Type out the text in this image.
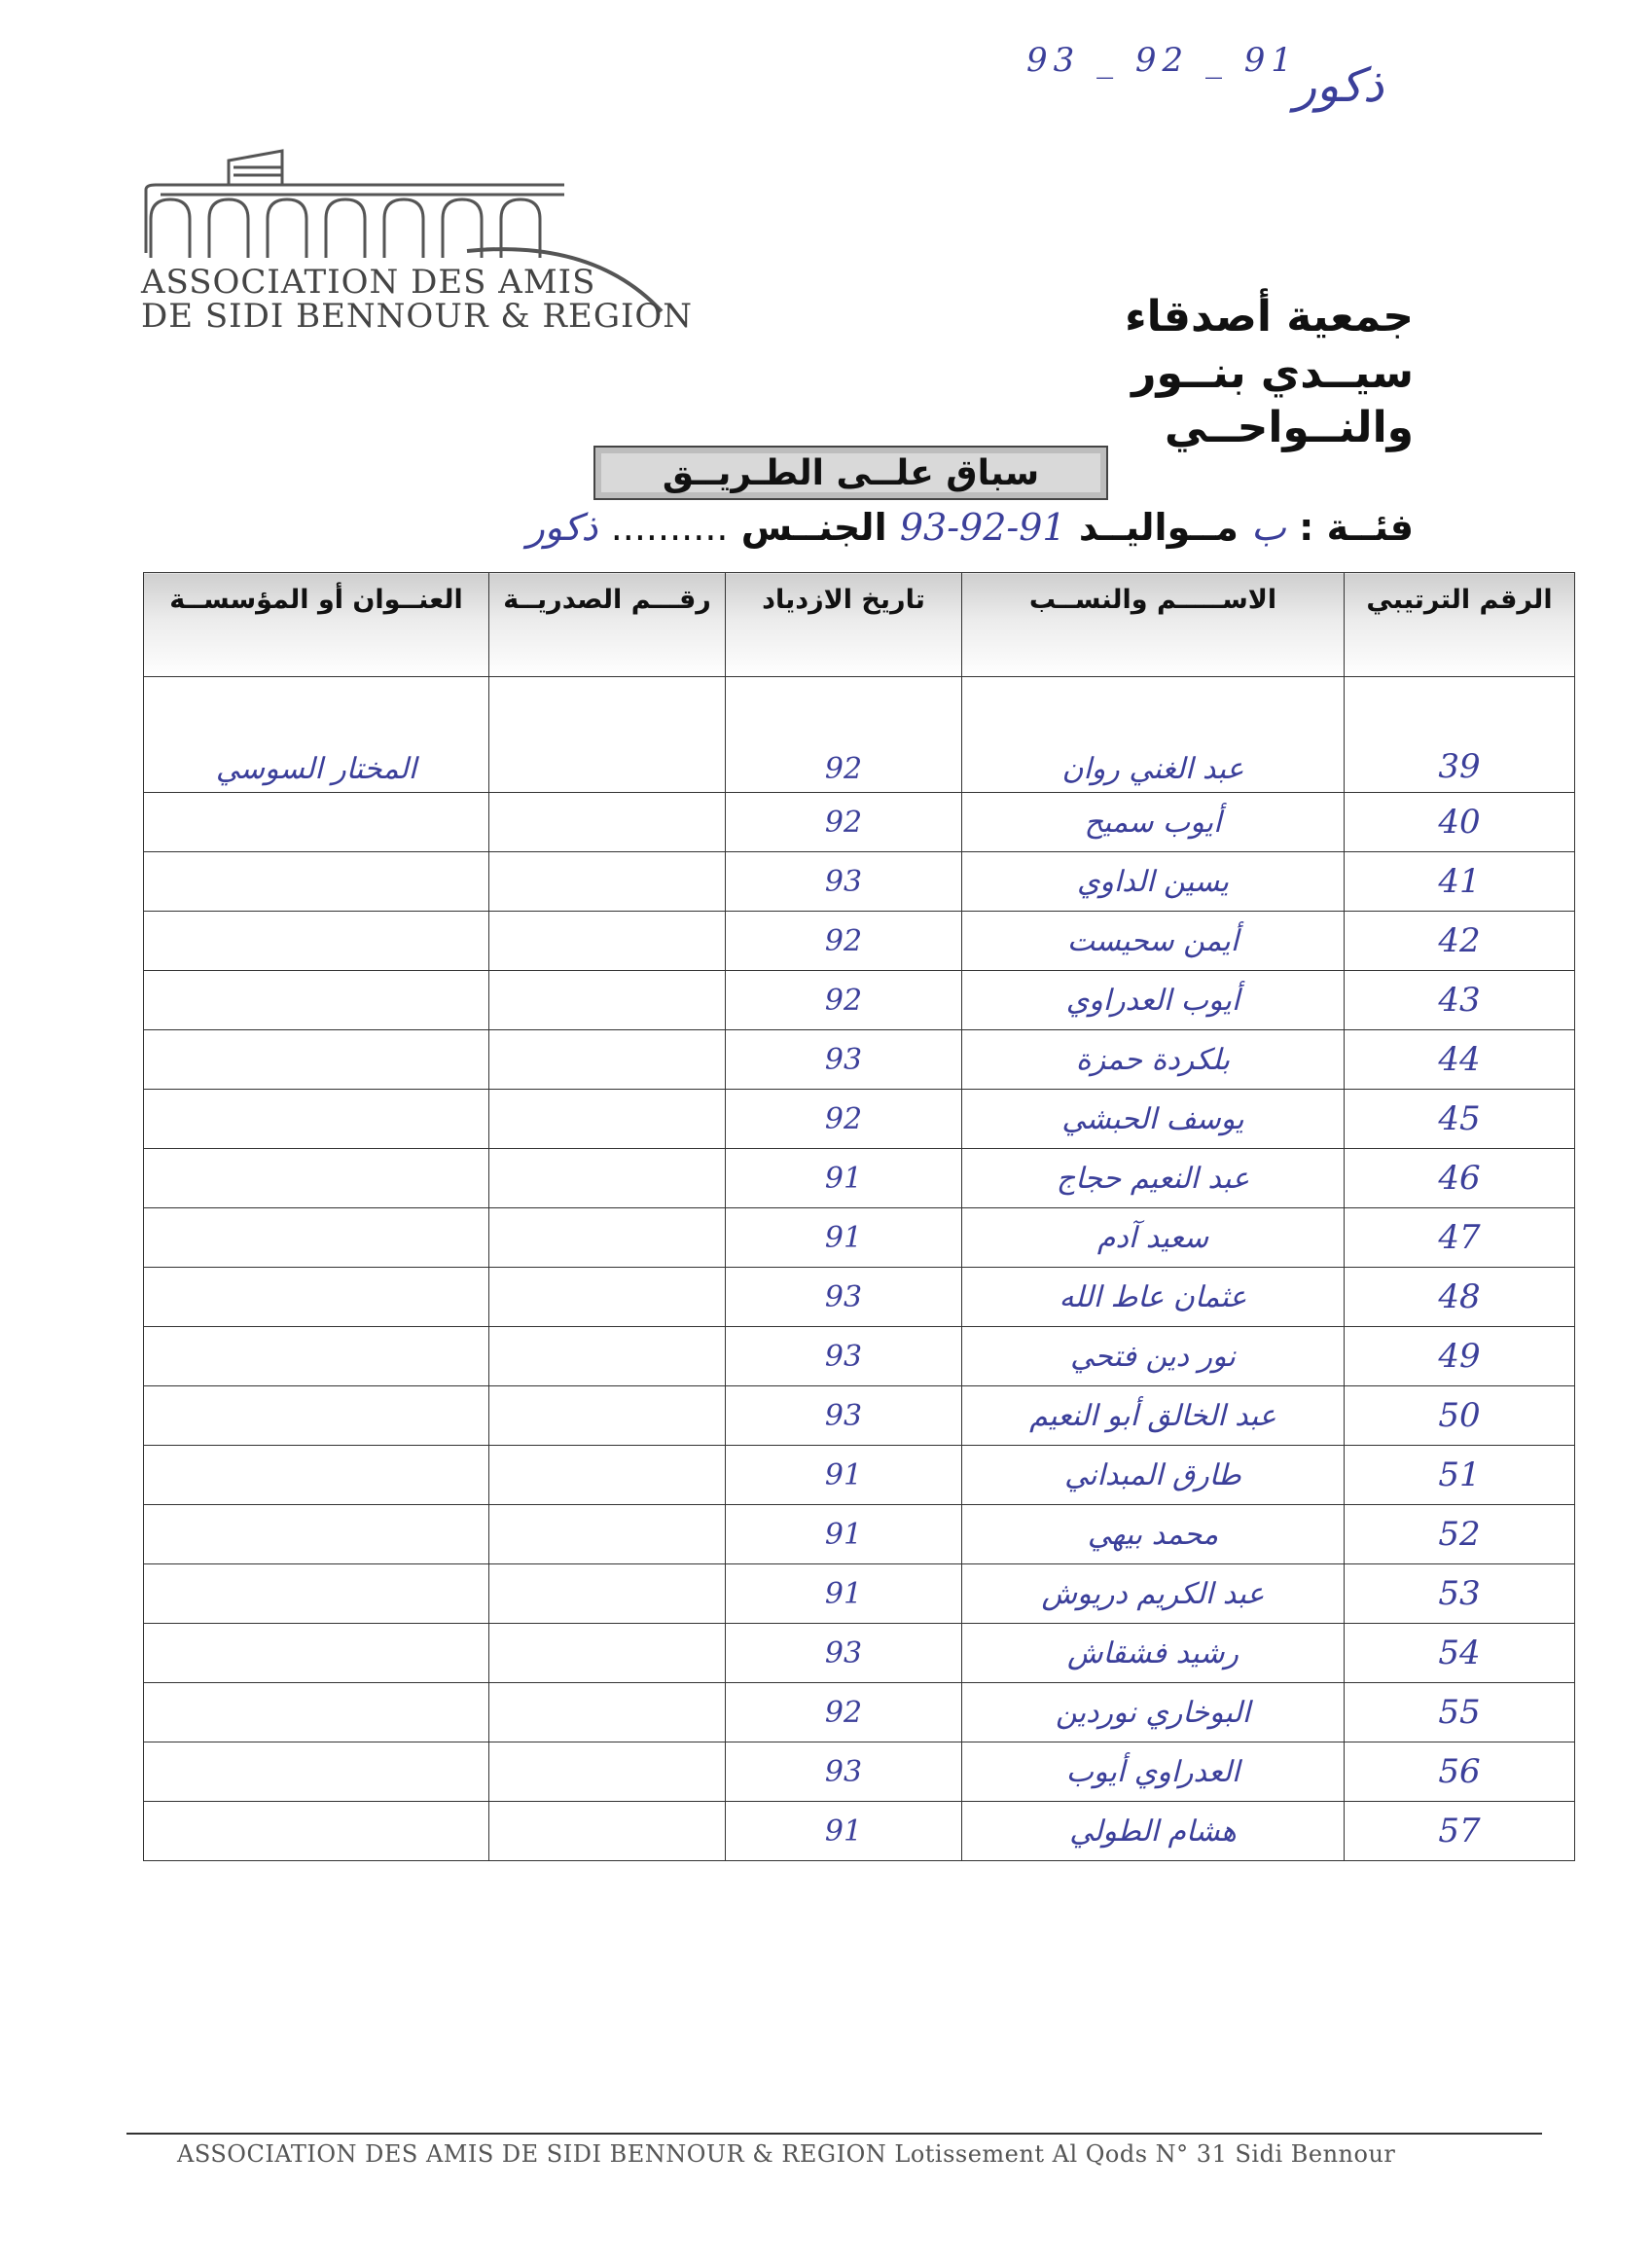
93 _ 92 _ 91
ذكور
ASSOCIATION DES AMIS
DE SIDI BENNOUR & REGION	جمعية أصدقاء
سيــدي بنــور
والنــواحــي
سباق علــى الطـريــق
فئــة : ب مــواليــد 91-92-93 الجنــس .......... ذكور
الرقم الترتيبي	الاســـــم والنســب	تاريخ الازدياد	رقـــم الصدريــة	العنــوان أو المؤسســة
39	عبد الغني روان	92		المختار السوسي
40	أيوب سميح	92		
41	يسين الداوي	93		
42	أيمن سحيست	92		
43	أيوب العدراوي	92		
44	بلكردة حمزة	93		
45	يوسف الحبشي	92		
46	عبد النعيم حجاج	91		
47	سعيد آدم	91		
48	عثمان عاط الله	93		
49	نور دين فتحي	93		
50	عبد الخالق أبو النعيم	93		
51	طارق المبداني	91		
52	محمد بيهي	91		
53	عبد الكريم دريوش	91		
54	رشيد فشقاش	93		
55	البوخاري نوردين	92		
56	العدراوي أيوب	93		
57	هشام الطولي	91		
ASSOCIATION DES AMIS DE SIDI BENNOUR & REGION Lotissement Al Qods N° 31 Sidi Bennour
